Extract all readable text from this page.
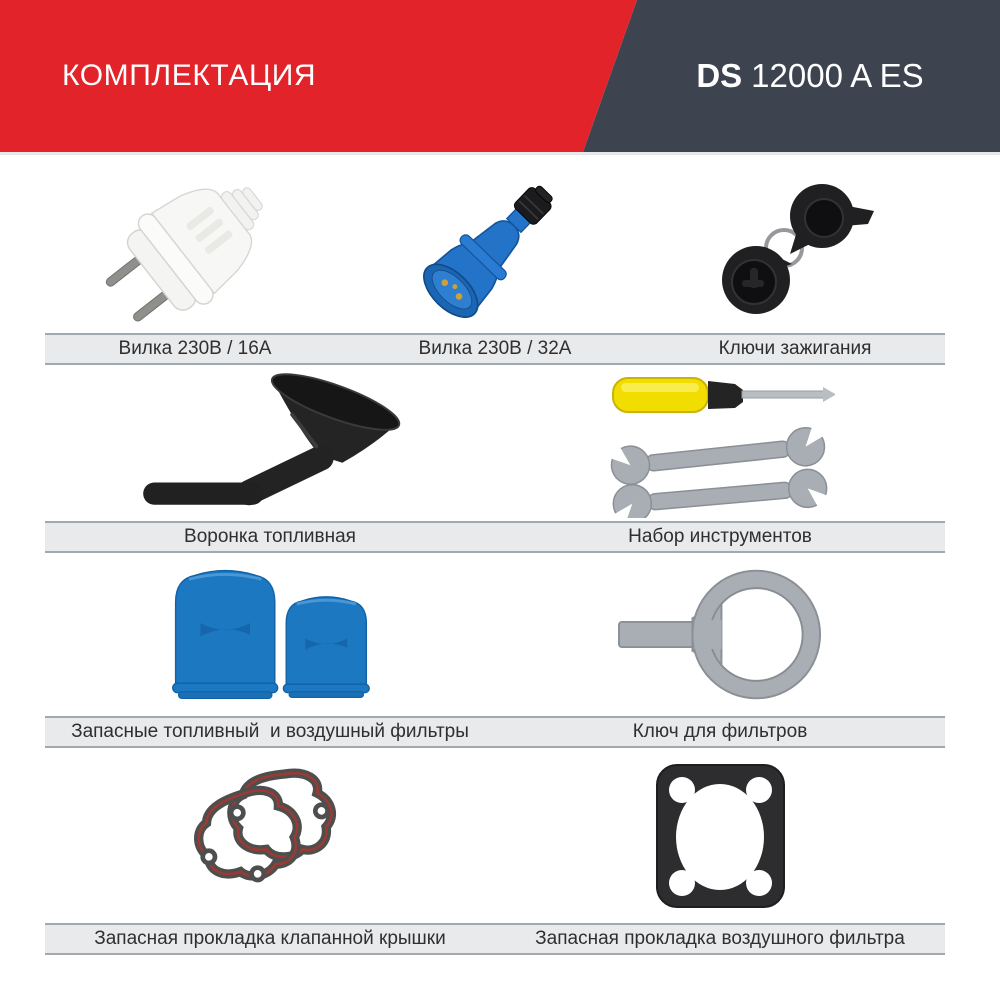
КОМПЛЕКТАЦИЯ	DS 12000 A ES
Вилка 230В / 16А	Вилка 230В / 32А	Ключи зажигания
Воронка топливная	Набор инструментов
Запасные топливный  и воздушный фильтры	Ключ для фильтров
Запасная прокладка клапанной крышки	Запасная прокладка воздушного фильтра
